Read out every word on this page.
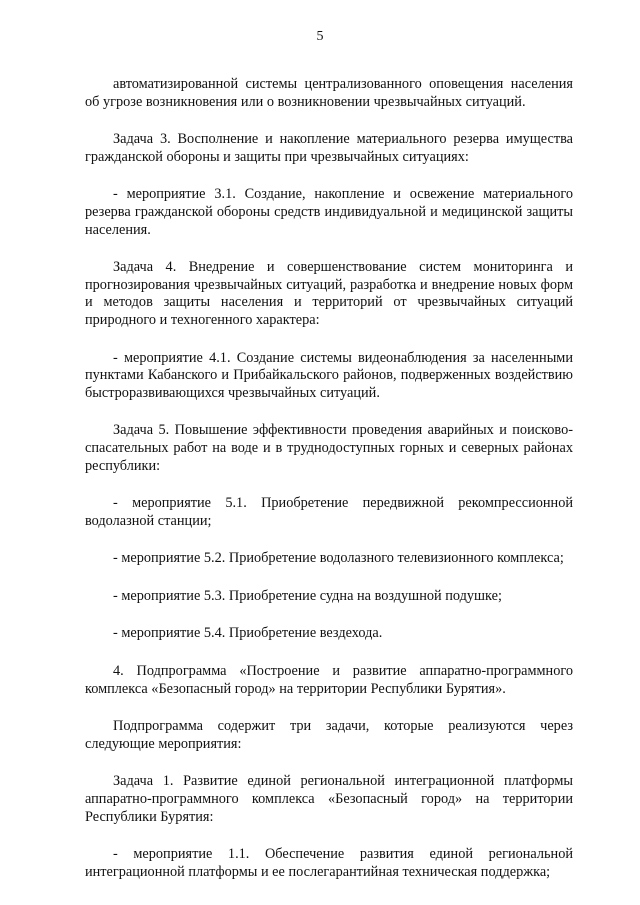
5

автоматизированной системы централизованного оповещения населения об угрозе возникновения или о возникновении чрезвычайных ситуаций.

Задача 3. Восполнение и накопление материального резерва имущества гражданской обороны и защиты при чрезвычайных ситуациях:

- мероприятие 3.1. Создание, накопление и освежение материального резерва гражданской обороны средств индивидуальной и медицинской защиты населения.

Задача 4. Внедрение и совершенствование систем мониторинга и прогнозирования чрезвычайных ситуаций, разработка и внедрение новых форм и методов защиты населения и территорий от чрезвычайных ситуаций природного и техногенного характера:

- мероприятие 4.1. Создание системы видеонаблюдения за населенными пунктами Кабанского и Прибайкальского районов, подверженных воздействию быстроразвивающихся чрезвычайных ситуаций.

Задача 5. Повышение эффективности проведения аварийных и поисково-спасательных работ на воде и в труднодоступных горных и северных районах республики:

- мероприятие 5.1. Приобретение передвижной рекомпрессионной водолазной станции;

- мероприятие 5.2. Приобретение водолазного телевизионного комплекса;

- мероприятие 5.3. Приобретение судна на воздушной подушке;

- мероприятие 5.4. Приобретение вездехода.

4. Подпрограмма «Построение и развитие аппаратно-программного комплекса «Безопасный город» на территории Республики Бурятия».

Подпрограмма содержит три задачи, которые реализуются через следующие мероприятия:

Задача 1. Развитие единой региональной интеграционной платформы аппаратно-программного комплекса «Безопасный город» на территории Республики Бурятия:

- мероприятие 1.1. Обеспечение развития единой региональной интеграционной платформы и ее послегарантийная техническая поддержка;
